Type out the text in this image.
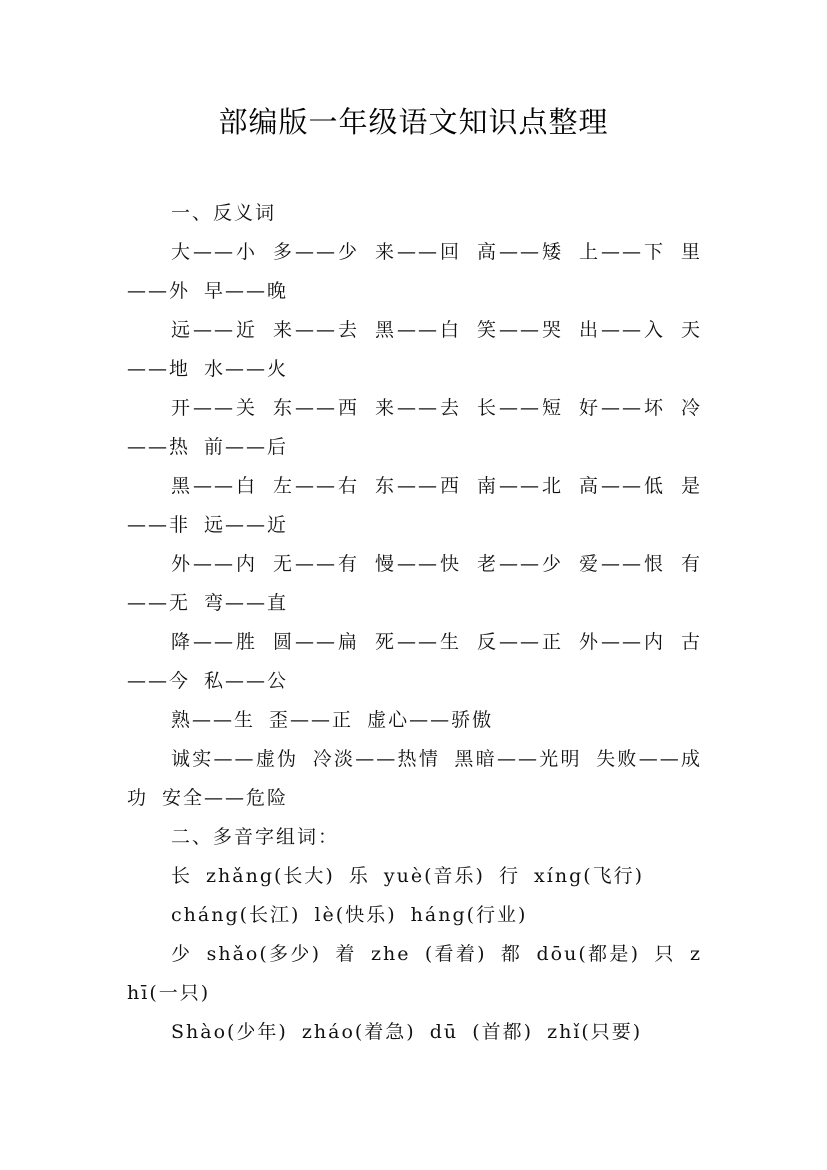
部编版一年级语文知识点整理

一、反义词

大——小 多——少 来——回 高——矮 上——下 里——外 早——晚

远——近 来——去 黑——白 笑——哭 出——入 天——地 水——火

开——关 东——西 来——去 长——短 好——坏 冷——热 前——后

黑——白 左——右 东——西 南——北 高——低 是——非 远——近

外——内 无——有 慢——快 老——少 爱——恨 有——无 弯——直

降——胜 圆——扁 死——生 反——正 外——内 古——今 私——公

熟——生 歪——正 虚心——骄傲

诚实——虚伪 冷淡——热情 黑暗——光明 失败——成功 安全——危险

二、多音字组词：

长 zhǎng(长大) 乐 yuè(音乐) 行 xíng(飞行)

cháng(长江) lè(快乐) háng(行业)

少 shǎo(多少) 着 zhe (看着) 都 dōu(都是) 只 zhī(一只)

Shào(少年) zháo(着急) dū (首都) zhǐ(只要)
